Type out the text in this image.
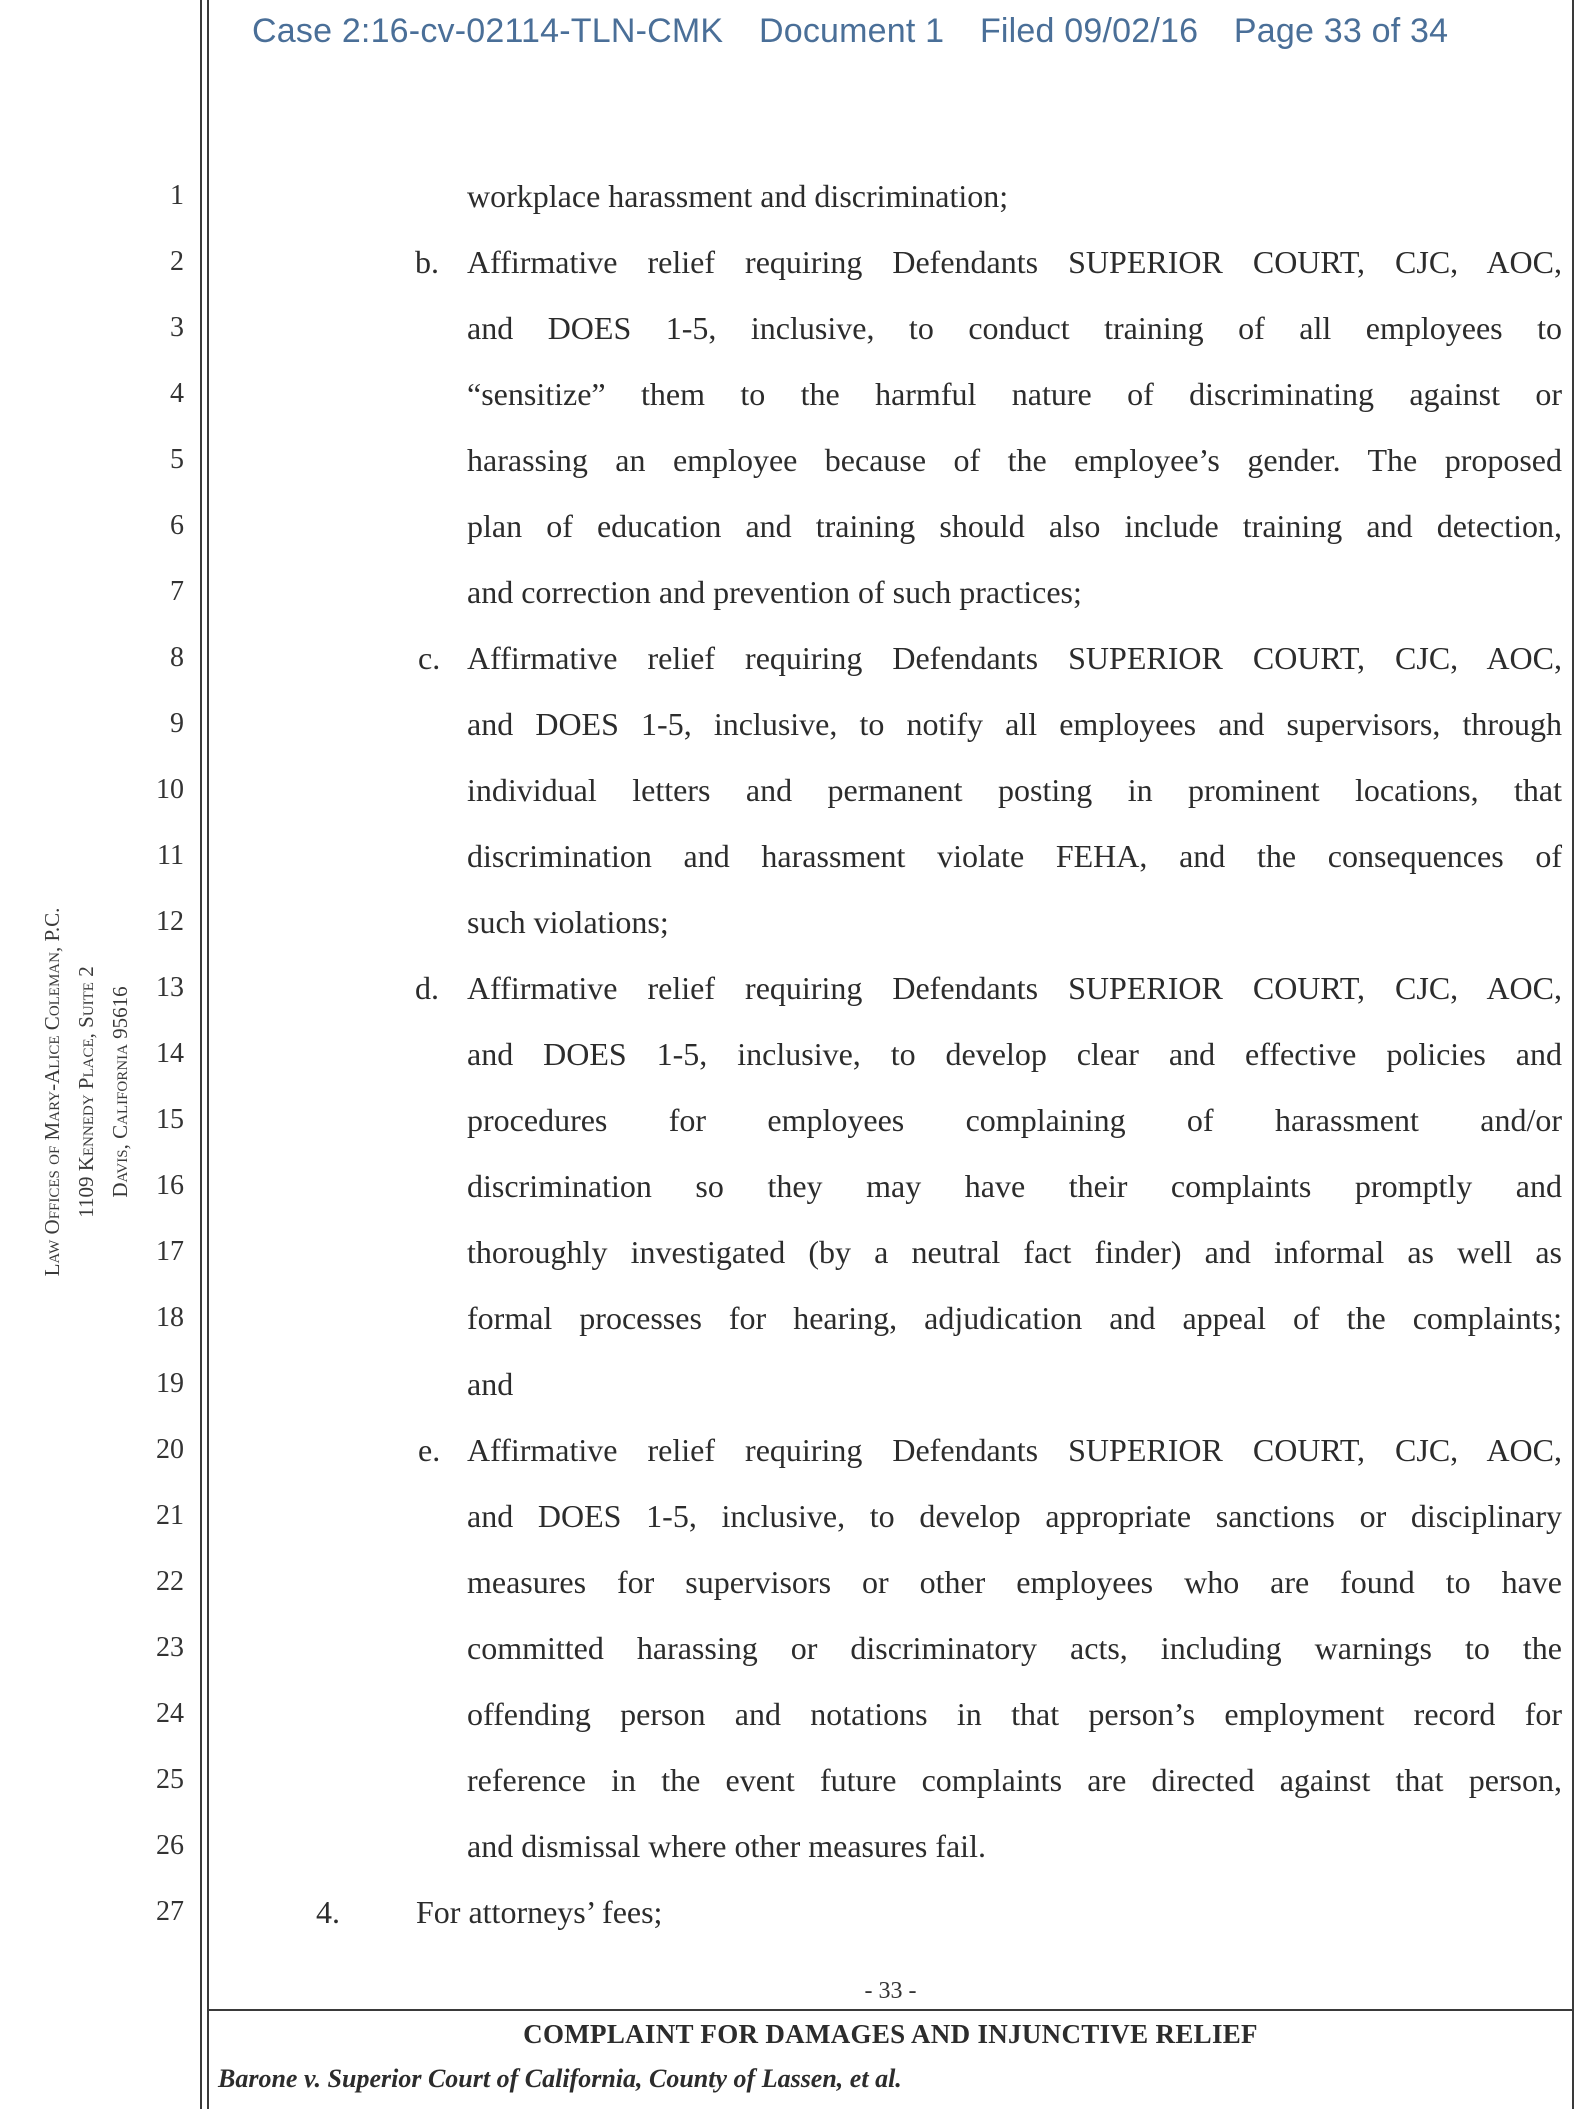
Case 2:16-cv-02114-TLN-CMK Document 1 Filed 09/02/16 Page 33 of 34
Law Offices of Mary-Alice Coleman, P.C. 1109 Kennedy Place, Suite 2 Davis, California 95616
1
2
3
4
5
6
7
8
9
10
11
12
13
14
15
16
17
18
19
20
21
22
23
24
25
26
27
workplace harassment and discrimination;
b. Affirmative relief requiring Defendants SUPERIOR COURT, CJC, AOC,
and DOES 1-5, inclusive, to conduct training of all employees to
“sensitize” them to the harmful nature of discriminating against or
harassing an employee because of the employee’s gender. The proposed
plan of education and training should also include training and detection,
and correction and prevention of such practices;
c. Affirmative relief requiring Defendants SUPERIOR COURT, CJC, AOC,
and DOES 1-5, inclusive, to notify all employees and supervisors, through
individual letters and permanent posting in prominent locations, that
discrimination and harassment violate FEHA, and the consequences of
such violations;
d. Affirmative relief requiring Defendants SUPERIOR COURT, CJC, AOC,
and DOES 1-5, inclusive, to develop clear and effective policies and
procedures for employees complaining of harassment and/or
discrimination so they may have their complaints promptly and
thoroughly investigated (by a neutral fact finder) and informal as well as
formal processes for hearing, adjudication and appeal of the complaints;
and
e. Affirmative relief requiring Defendants SUPERIOR COURT, CJC, AOC,
and DOES 1-5, inclusive, to develop appropriate sanctions or disciplinary
measures for supervisors or other employees who are found to have
committed harassing or discriminatory acts, including warnings to the
offending person and notations in that person’s employment record for
reference in the event future complaints are directed against that person,
and dismissal where other measures fail.
4. For attorneys’ fees;
- 33 -
COMPLAINT FOR DAMAGES AND INJUNCTIVE RELIEF
Barone v. Superior Court of California, County of Lassen, et al.
